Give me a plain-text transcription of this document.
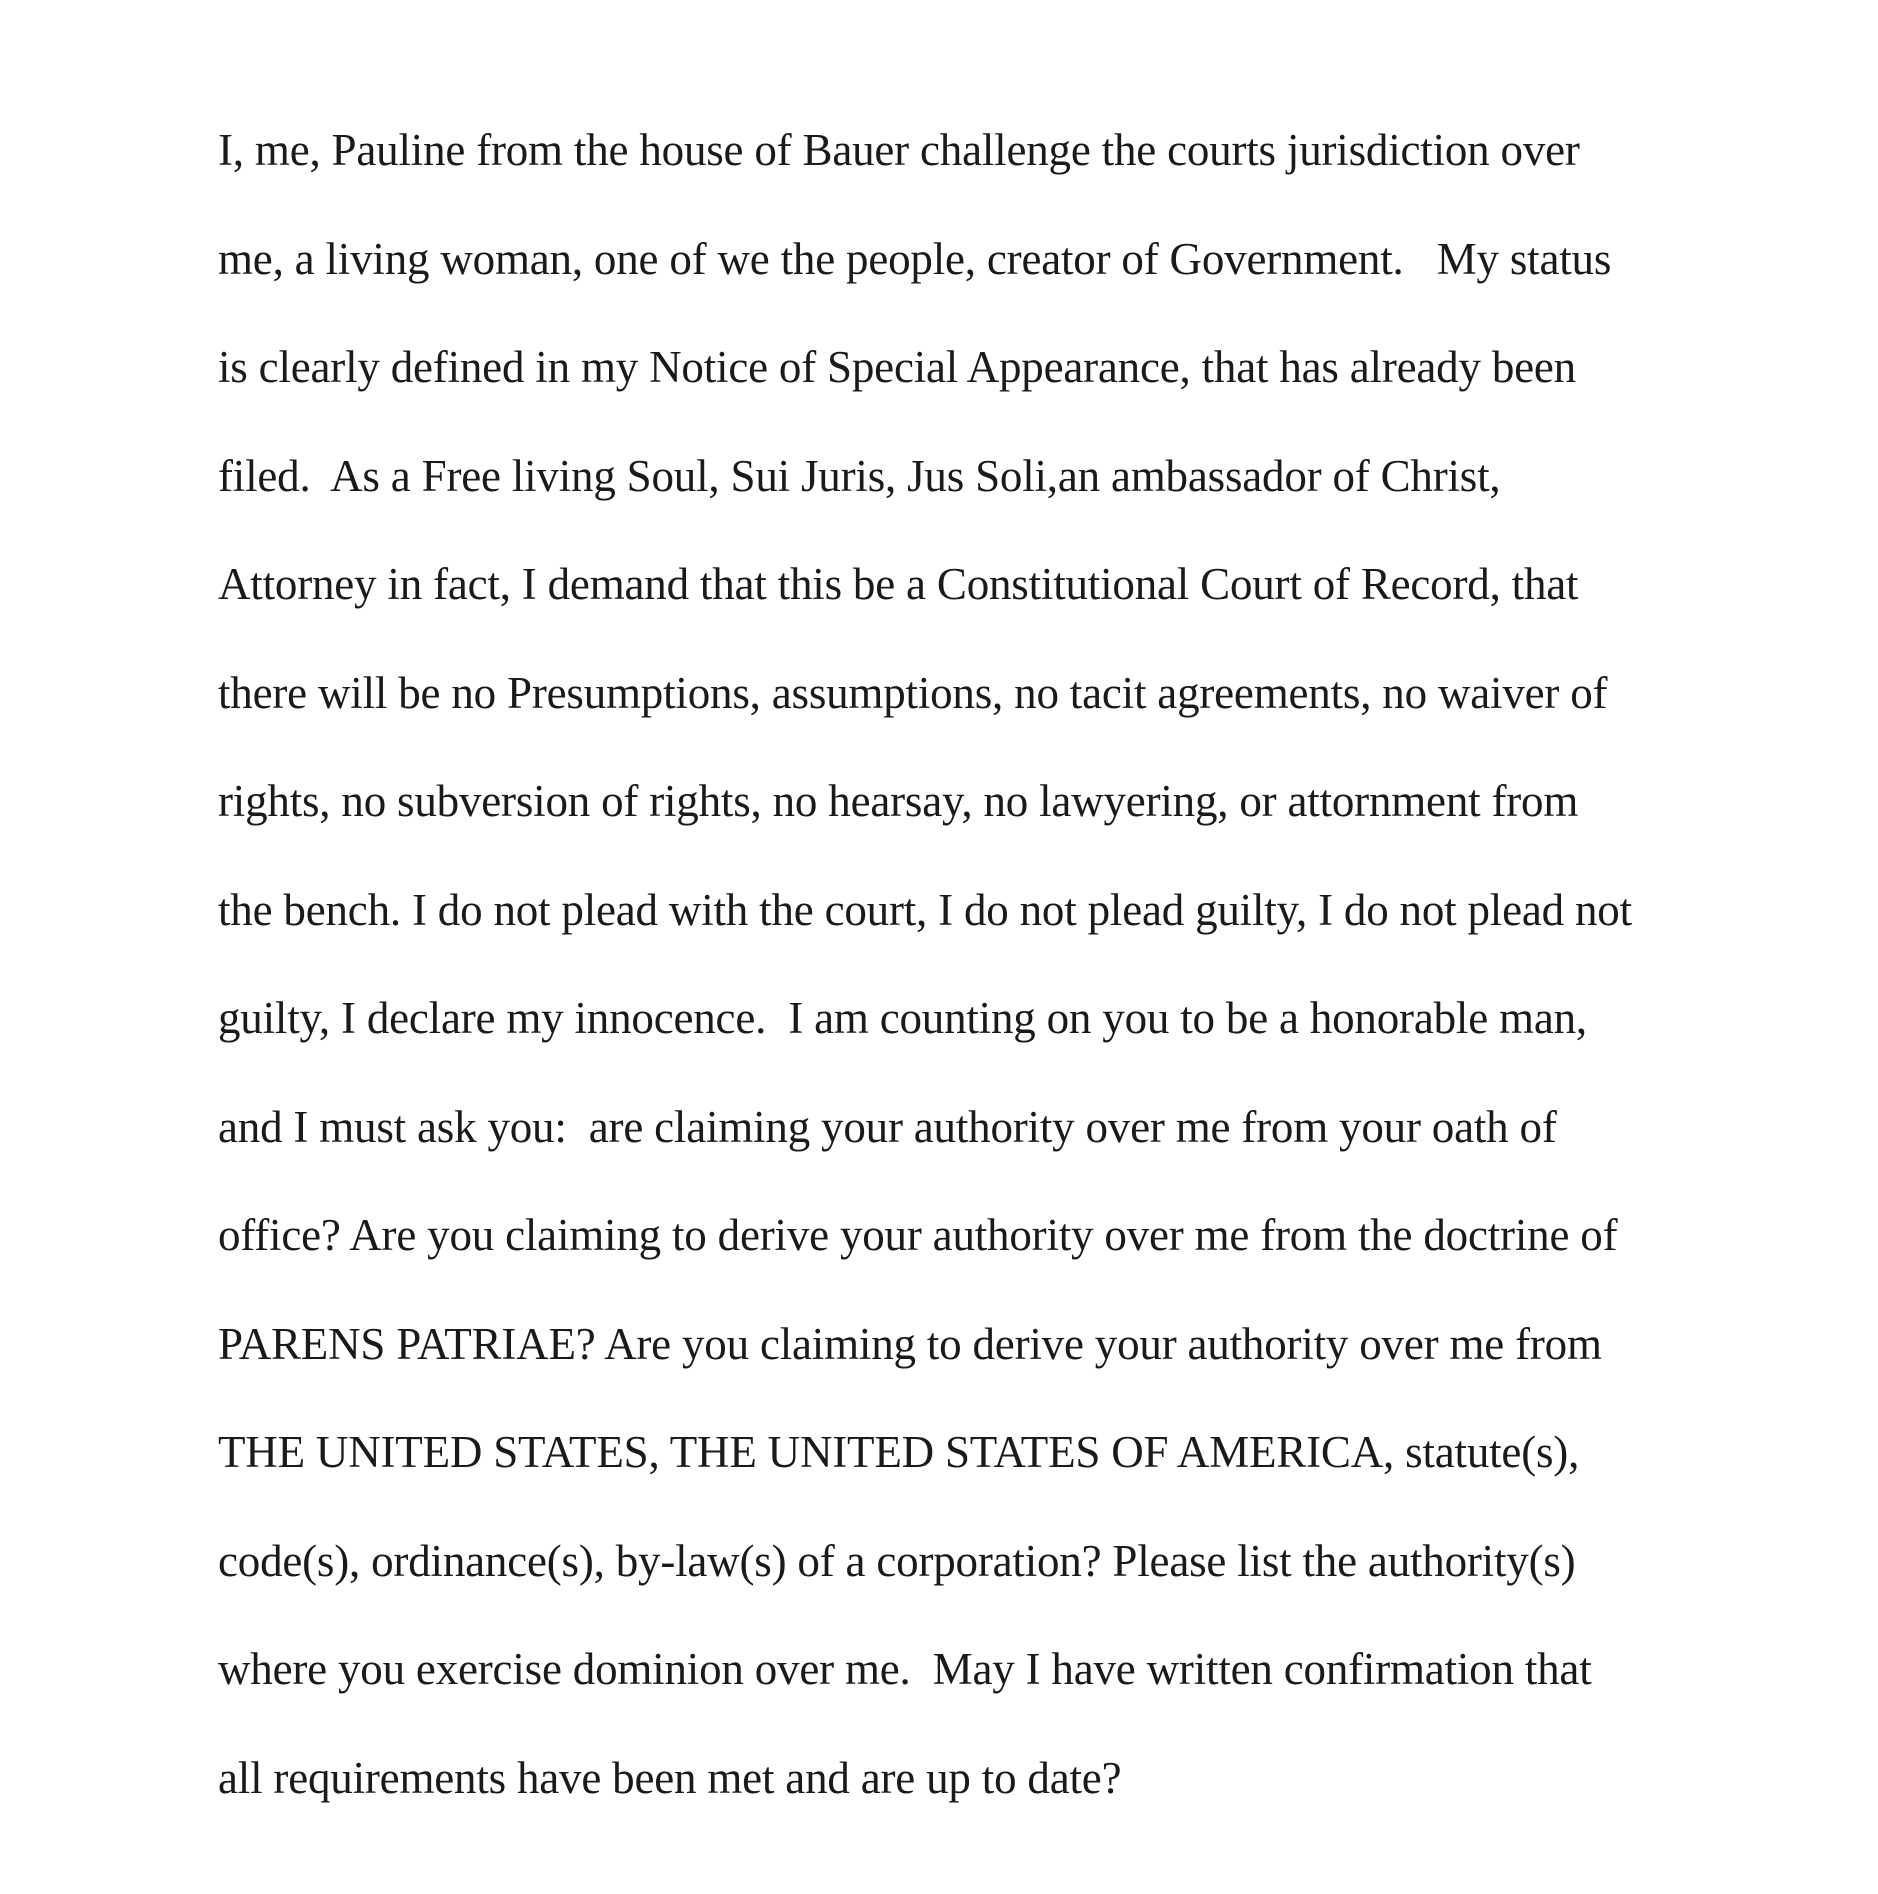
I, me, Pauline from the house of Bauer challenge the courts jurisdiction over
me, a living woman, one of we the people, creator of Government.   My status
is clearly defined in my Notice of Special Appearance, that has already been
filed.  As a Free living Soul, Sui Juris, Jus Soli,an ambassador of Christ,
Attorney in fact, I demand that this be a Constitutional Court of Record, that
there will be no Presumptions, assumptions, no tacit agreements, no waiver of
rights, no subversion of rights, no hearsay, no lawyering, or attornment from
the bench. I do not plead with the court, I do not plead guilty, I do not plead not
guilty, I declare my innocence.  I am counting on you to be a honorable man,
and I must ask you:  are claiming your authority over me from your oath of
office? Are you claiming to derive your authority over me from the doctrine of
PARENS PATRIAE? Are you claiming to derive your authority over me from
THE UNITED STATES, THE UNITED STATES OF AMERICA, statute(s),
code(s), ordinance(s), by-law(s) of a corporation? Please list the authority(s)
where you exercise dominion over me.  May I have written confirmation that
all requirements have been met and are up to date?
